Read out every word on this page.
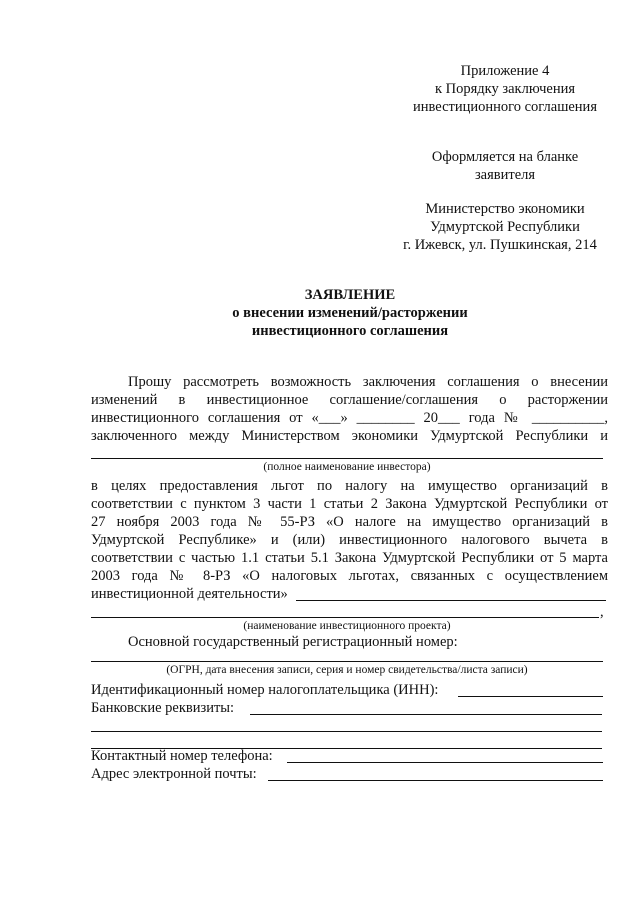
Приложение 4
к Порядку заключения
инвестиционного соглашения
Оформляется на бланке
заявителя
Министерство экономики
Удмуртской Республики
г. Ижевск, ул. Пушкинская, 214
ЗАЯВЛЕНИЕ
о внесении изменений/расторжении
инвестиционного соглашения
Прошу рассмотреть возможность заключения соглашения о внесении
изменений в инвестиционное соглашение/соглашения о расторжении
инвестиционного соглашения от «___» ________ 20___ года № __________,
заключенного между Министерством экономики Удмуртской Республики и
(полное наименование инвестора)
в целях предоставления льгот по налогу на имущество организаций в
соответствии с пунктом 3 части 1 статьи 2 Закона Удмуртской Республики от
27 ноября 2003 года № 55-РЗ «О налоге на имущество организаций в
Удмуртской Республике» и (или) инвестиционного налогового вычета в
соответствии с частью 1.1 статьи 5.1 Закона Удмуртской Республики от 5 марта
2003 года № 8-РЗ «О налоговых льготах, связанных с осуществлением
инвестиционной деятельности»
,
(наименование инвестиционного проекта)
Основной государственный регистрационный номер:
(ОГРН, дата внесения записи, серия и номер свидетельства/листа записи)
Идентификационный номер налогоплательщика (ИНН):
Банковские реквизиты:
Контактный номер телефона:
Адрес электронной почты:
